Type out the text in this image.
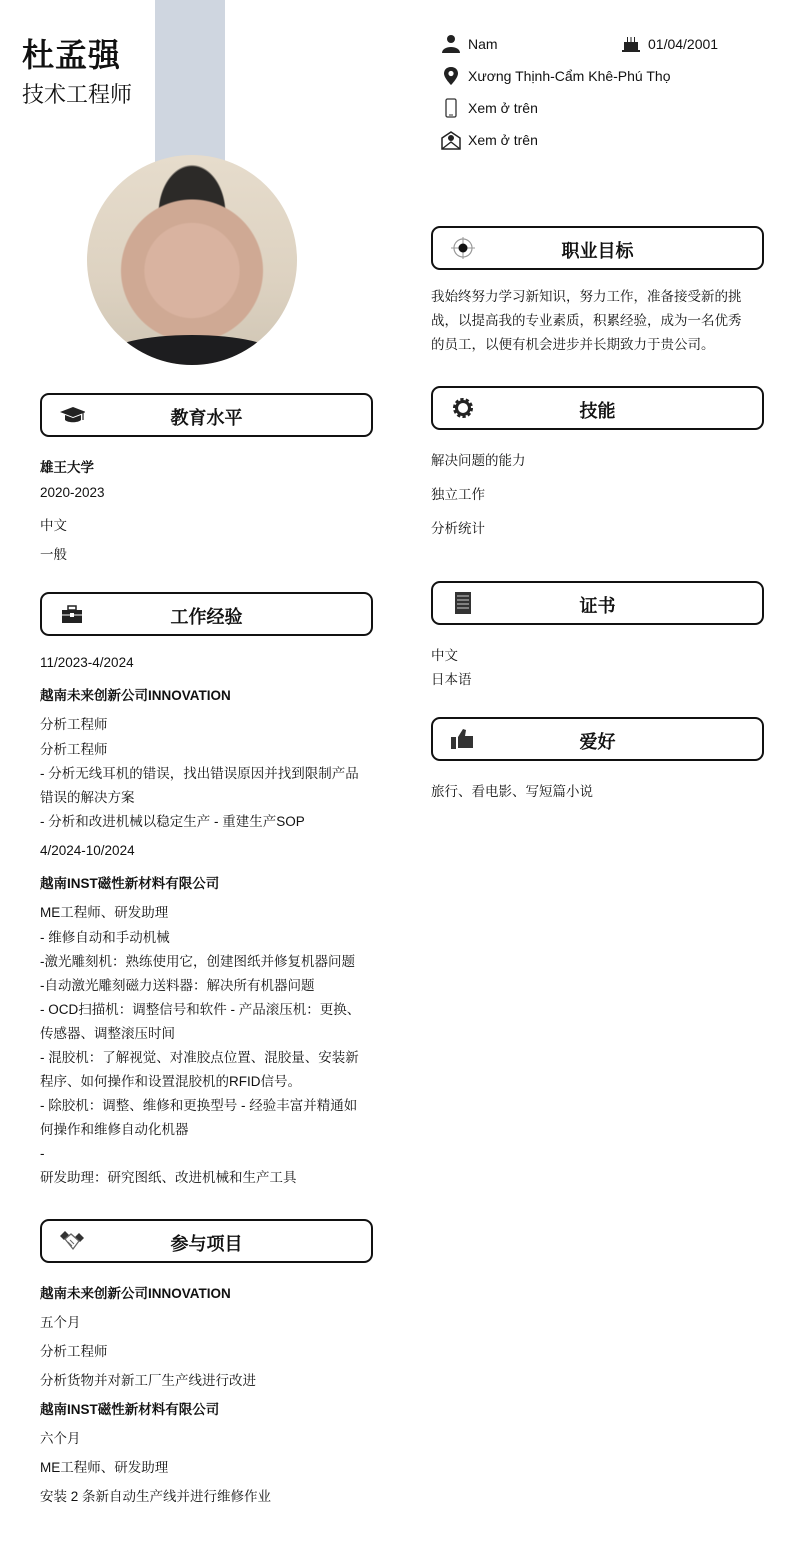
杜孟强
技术工程师
Nam	01/04/2001
Xương Thịnh-Cẩm Khê-Phú Thọ
Xem ở trên
Xem ở trên
职业目标
我始终努力学习新知识，努力工作，准备接受新的挑
战，以提高我的专业素质，积累经验，成为一名优秀
的员工，以便有机会进步并长期致力于贵公司。
技能
解决问题的能力
独立工作
分析统计
证书
中文
日本语
爱好
旅行、看电影、写短篇小说
教育水平
雄王大学
2020-2023
中文
一般
工作经验
11/2023-4/2024
越南未来创新公司INNOVATION
分析工程师
分析工程师
- 分析无线耳机的错误，找出错误原因并找到限制产品
错误的解决方案
- 分析和改进机械以稳定生产 - 重建生产SOP
4/2024-10/2024
越南INST磁性新材料有限公司
ME工程师、研发助理
- 维修自动和手动机械
-激光雕刻机：熟练使用它，创建图纸并修复机器问题
-自动激光雕刻磁力送料器：解决所有机器问题
- OCD扫描机：调整信号和软件 - 产品滚压机：更换、
传感器、调整滚压时间
- 混胶机：了解视觉、对准胶点位置、混胶量、安装新
程序、如何操作和设置混胶机的RFID信号。
- 除胶机：调整、维修和更换型号 - 经验丰富并精通如
何操作和维修自动化机器
-
研发助理：研究图纸、改进机械和生产工具
参与项目
越南未来创新公司INNOVATION
五个月
分析工程师
分析货物并对新工厂生产线进行改进
越南INST磁性新材料有限公司
六个月
ME工程师、研发助理
安装 2 条新自动生产线并进行维修作业
